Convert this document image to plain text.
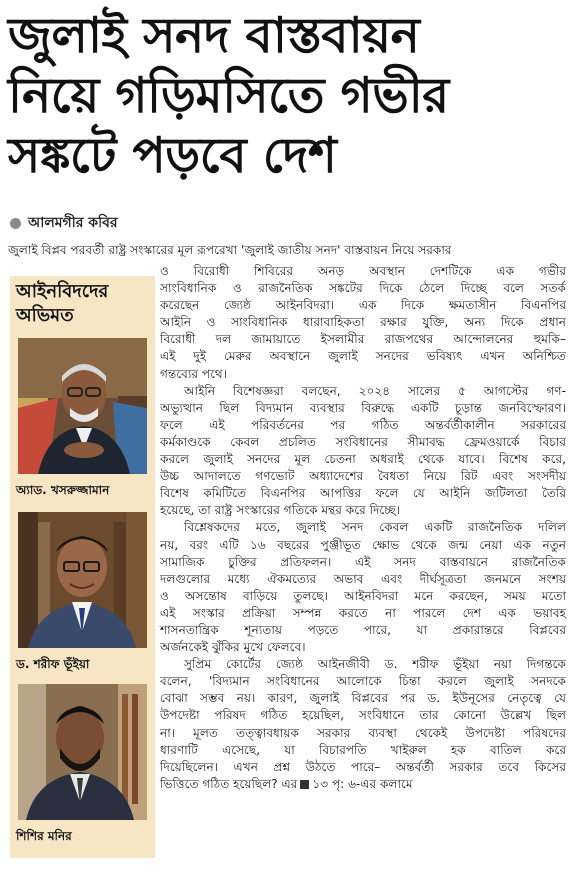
জুলাই সনদ বাস্তবায়ন
নিয়ে গড়িমসিতে গভীর
সঙ্কটে পড়বে দেশ
আলমগীর কবির
জুলাই বিপ্লব পরবর্তী রাষ্ট্র সংস্কারের মূল রূপরেখা 'জুলাই জাতীয় সনদ' বাস্তবায়ন নিয়ে সরকার
আইনবিদদের
অভিমত
অ্যাড. খসরুজ্জামান
ড. শরীফ ভূঁইয়া
শিশির মনির
ও বিরোধী শিবিরের অনড় অবস্থান দেশটিকে এক গভীর
সাংবিধানিক ও রাজনৈতিক সঙ্কটের দিকে ঠেলে দিচ্ছে বলে সতর্ক
করেছেন জ্যেষ্ঠ আইনবিদরা। এক দিকে ক্ষমতাসীন বিএনপির
আইনি ও সাংবিধানিক ধারাবাহিকতা রক্ষার যুক্তি, অন্য দিকে প্রধান
বিরোধী দল জামায়াতে ইসলামীর রাজপথের আন্দোলনের হুমকি–
এই দুই মেরুর অবস্থানে জুলাই সনদের ভবিষ্যৎ এখন অনিশ্চিত
গন্তব্যের পথে।
আইনি বিশেষজ্ঞরা বলছেন, ২০২৪ সালের ৫ আগস্টের গণ-
অভ্যুত্থান ছিল বিদ্যমান ব্যবস্থার বিরুদ্ধে একটি চূড়ান্ত জনবিস্ফোরণ।
ফলে এই পরিবর্তনের পর গঠিত অন্তর্বর্তীকালীন সরকারের
কর্মকাণ্ডকে কেবল প্রচলিত সংবিধানের সীমাবদ্ধ ফ্রেমওয়ার্কে বিচার
করলে জুলাই সনদের মূল চেতনা অধরাই থেকে যাবে। বিশেষ করে,
উচ্চ আদালতে গণভোট অধ্যাদেশের বৈধতা নিয়ে রিট এবং সংসদীয়
বিশেষ কমিটিতে বিএনপির আপত্তির ফলে যে আইনি জটিলতা তৈরি
হয়েছে, তা রাষ্ট্র সংস্কারের গতিকে মন্থর করে দিচ্ছে।
বিশ্লেষকদের মতে, জুলাই সনদ কেবল একটি রাজনৈতিক দলিল
নয়, বরং এটি ১৬ বছরের পুঞ্জীভূত ক্ষোভ থেকে জন্ম নেয়া এক নতুন
সামাজিক চুক্তির প্রতিফলন। এই সনদ বাস্তবায়নে রাজনৈতিক
দলগুলোর মধ্যে ঐকমত্যের অভাব এবং দীর্ঘসূত্রতা জনমনে সংশয়
ও অসন্তোষ বাড়িয়ে তুলছে। আইনবিদরা মনে করছেন, সময় মতো
এই সংস্কার প্রক্রিয়া সম্পন্ন করতে না পারলে দেশ এক ভয়াবহ
শাসনতান্ত্রিক শূন্যতায় পড়তে পারে, যা প্রকারান্তরে বিপ্লবের
অর্জনকেই ঝুঁকির মুখে ফেলবে।
সুপ্রিম কোর্টের জ্যেষ্ঠ আইনজীবী ড. শরীফ ভূঁইয়া নয়া দিগন্তকে
বলেন, 'বিদ্যমান সংবিধানের আলোকে চিন্তা করলে জুলাই সনদকে
বোঝা সম্ভব নয়। কারণ, জুলাই বিপ্লবের পর ড. ইউনূসের নেতৃত্বে যে
উপদেষ্টা পরিষদ গঠিত হয়েছিল, সংবিধানে তার কোনো উল্লেখ ছিল
না। মূলত তত্ত্বাবধায়ক সরকার ব্যবস্থা থেকেই উপদেষ্টা পরিষদের
ধারণাটি এসেছে, যা বিচারপতি খাইরুল হক বাতিল করে
দিয়েছিলেন। এখন প্রশ্ন উঠতে পারে– অন্তর্বর্তী সরকার তবে কিসের
ভিত্তিতে গঠিত হয়েছিল? এর ১৩ পৃ: ৬-এর কলামে
